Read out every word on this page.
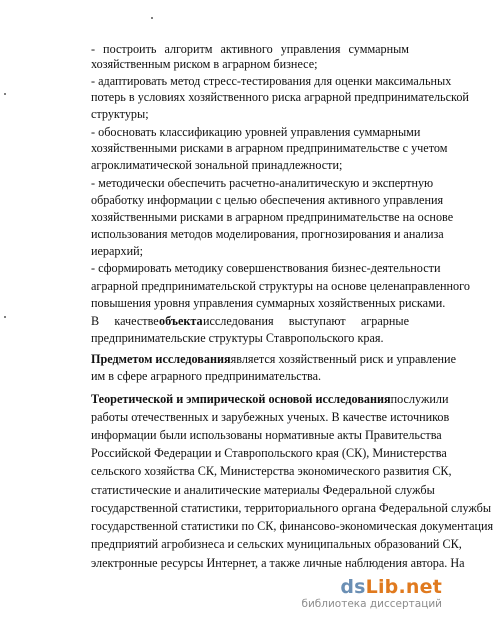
- построить алгоритм активного управления суммарным
хозяйственным риском в аграрном бизнесе;
- адаптировать метод стресс-тестирования для оценки максимальных
потерь в условиях хозяйственного риска аграрной предпринимательской
структуры;
- обосновать классификацию уровней управления суммарными
хозяйственными рисками в аграрном предпринимательстве с учетом
агроклиматической зональной принадлежности;
- методически обеспечить расчетно-аналитическую и экспертную
обработку информации с целью обеспечения активного управления
хозяйственными рисками в аграрном предпринимательстве на основе
использования методов моделирования, прогнозирования и анализа
иерархий;
- сформировать методику совершенствования бизнес-деятельности
аграрной предпринимательской структуры на основе целенаправленного
повышения уровня управления суммарных хозяйственных рисками.
В     качестве объекта исследования     выступают     аграрные
предпринимательские структуры Ставропольского края.
Предметом исследования является хозяйственный риск и управление
им в сфере аграрного предпринимательства.
Теоретической и эмпирической основой исследования послужили
работы отечественных и зарубежных ученых. В качестве источников
информации были использованы нормативные акты Правительства
Российской Федерации и Ставропольского края (СК), Министерства
сельского хозяйства СК, Министерства экономического развития СК,
статистические и аналитические материалы Федеральной службы
государственной статистики, территориального органа Федеральной службы
государственной статистики по СК, финансово-экономическая документация
предприятий агробизнеса и сельских муниципальных образований СК,
электронные ресурсы Интернет, а также личные наблюдения автора. На
dsLib.net
библиотека диссертаций
